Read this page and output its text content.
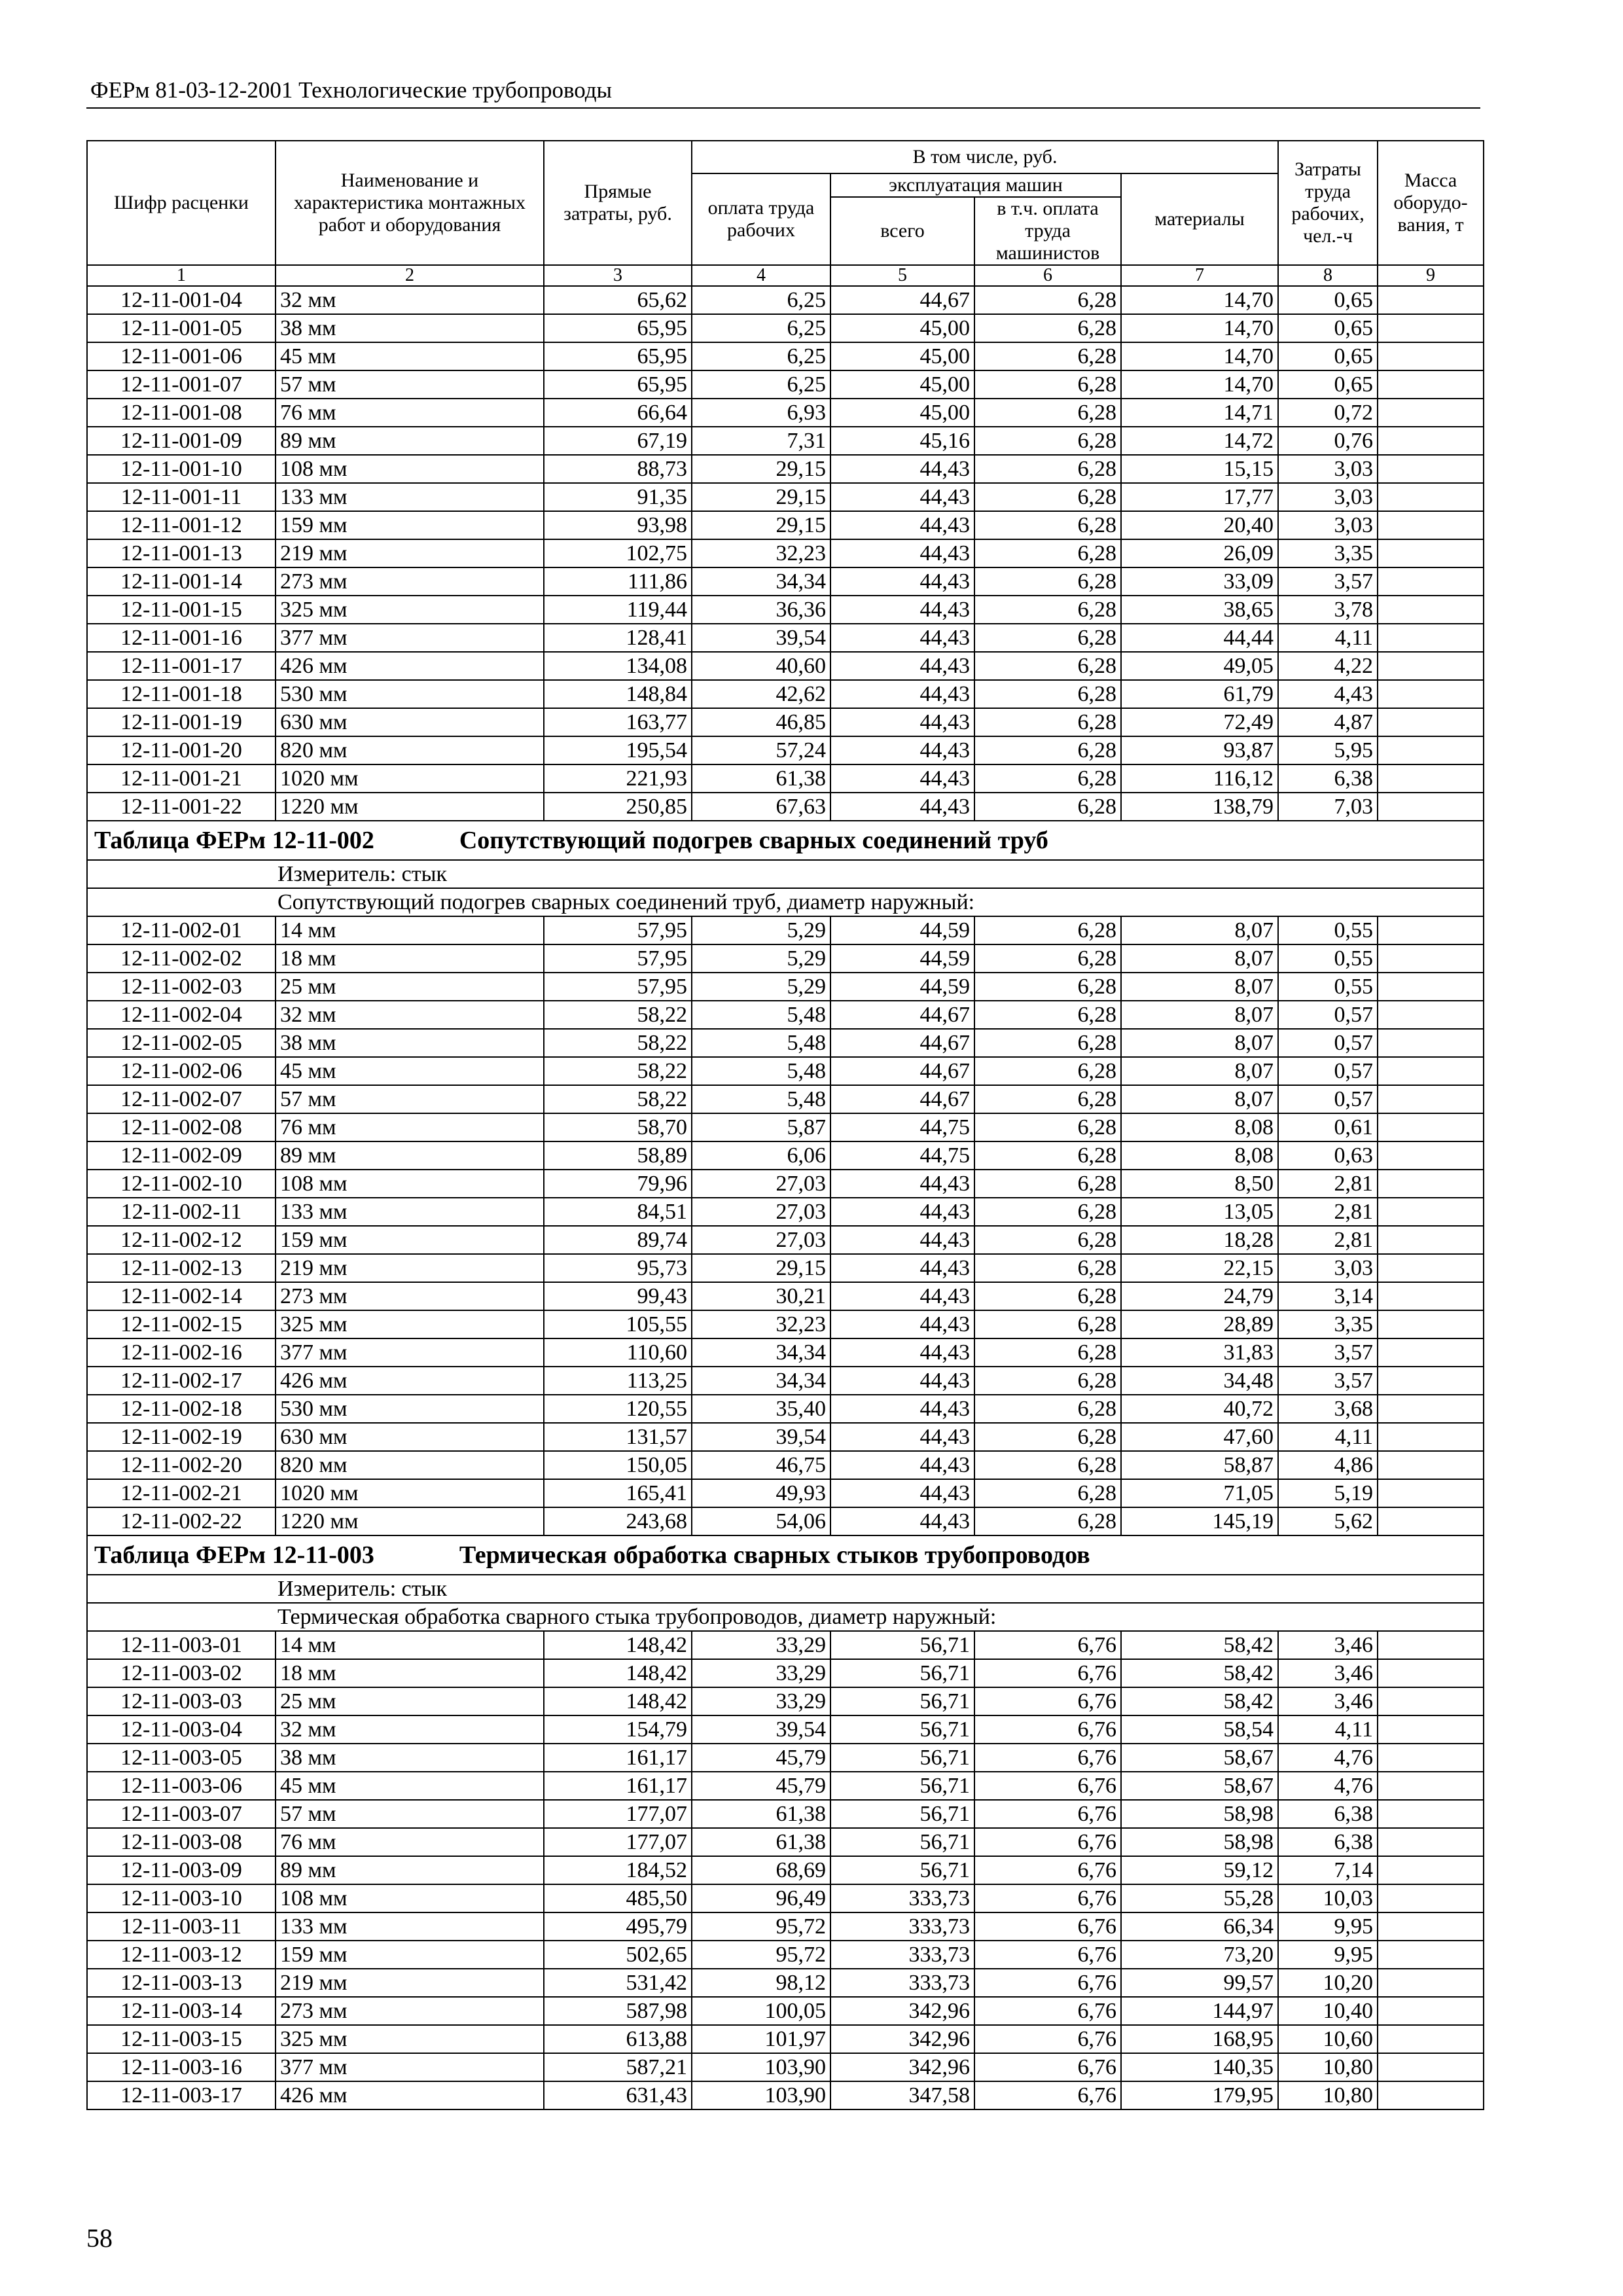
ФЕРм 81-03-12-2001 Технологические трубопроводы
Шифр расценки	Наименование и характеристика монтажных работ и оборудования	Прямые затраты, руб.	В том числе, руб.				Затраты труда рабочих, чел.-ч	Масса оборудо-вания, т
			оплата труда рабочих	эксплуатация машин		материалы		
				всего	в т.ч. оплата труда машинистов			
1	2	3	4	5	6	7	8	9
12-11-001-04	32 мм	65,62	6,25	44,67	6,28	14,70	0,65	
12-11-001-05	38 мм	65,95	6,25	45,00	6,28	14,70	0,65	
12-11-001-06	45 мм	65,95	6,25	45,00	6,28	14,70	0,65	
12-11-001-07	57 мм	65,95	6,25	45,00	6,28	14,70	0,65	
12-11-001-08	76 мм	66,64	6,93	45,00	6,28	14,71	0,72	
12-11-001-09	89 мм	67,19	7,31	45,16	6,28	14,72	0,76	
12-11-001-10	108 мм	88,73	29,15	44,43	6,28	15,15	3,03	
12-11-001-11	133 мм	91,35	29,15	44,43	6,28	17,77	3,03	
12-11-001-12	159 мм	93,98	29,15	44,43	6,28	20,40	3,03	
12-11-001-13	219 мм	102,75	32,23	44,43	6,28	26,09	3,35	
12-11-001-14	273 мм	111,86	34,34	44,43	6,28	33,09	3,57	
12-11-001-15	325 мм	119,44	36,36	44,43	6,28	38,65	3,78	
12-11-001-16	377 мм	128,41	39,54	44,43	6,28	44,44	4,11	
12-11-001-17	426 мм	134,08	40,60	44,43	6,28	49,05	4,22	
12-11-001-18	530 мм	148,84	42,62	44,43	6,28	61,79	4,43	
12-11-001-19	630 мм	163,77	46,85	44,43	6,28	72,49	4,87	
12-11-001-20	820 мм	195,54	57,24	44,43	6,28	93,87	5,95	
12-11-001-21	1020 мм	221,93	61,38	44,43	6,28	116,12	6,38	
12-11-001-22	1220 мм	250,85	67,63	44,43	6,28	138,79	7,03	
Таблица ФЕРм 12-11-002 Сопутствующий подогрев сварных соединений труб								
Измеритель: стык								
Сопутствующий подогрев сварных соединений труб, диаметр наружный:								
12-11-002-01	14 мм	57,95	5,29	44,59	6,28	8,07	0,55	
12-11-002-02	18 мм	57,95	5,29	44,59	6,28	8,07	0,55	
12-11-002-03	25 мм	57,95	5,29	44,59	6,28	8,07	0,55	
12-11-002-04	32 мм	58,22	5,48	44,67	6,28	8,07	0,57	
12-11-002-05	38 мм	58,22	5,48	44,67	6,28	8,07	0,57	
12-11-002-06	45 мм	58,22	5,48	44,67	6,28	8,07	0,57	
12-11-002-07	57 мм	58,22	5,48	44,67	6,28	8,07	0,57	
12-11-002-08	76 мм	58,70	5,87	44,75	6,28	8,08	0,61	
12-11-002-09	89 мм	58,89	6,06	44,75	6,28	8,08	0,63	
12-11-002-10	108 мм	79,96	27,03	44,43	6,28	8,50	2,81	
12-11-002-11	133 мм	84,51	27,03	44,43	6,28	13,05	2,81	
12-11-002-12	159 мм	89,74	27,03	44,43	6,28	18,28	2,81	
12-11-002-13	219 мм	95,73	29,15	44,43	6,28	22,15	3,03	
12-11-002-14	273 мм	99,43	30,21	44,43	6,28	24,79	3,14	
12-11-002-15	325 мм	105,55	32,23	44,43	6,28	28,89	3,35	
12-11-002-16	377 мм	110,60	34,34	44,43	6,28	31,83	3,57	
12-11-002-17	426 мм	113,25	34,34	44,43	6,28	34,48	3,57	
12-11-002-18	530 мм	120,55	35,40	44,43	6,28	40,72	3,68	
12-11-002-19	630 мм	131,57	39,54	44,43	6,28	47,60	4,11	
12-11-002-20	820 мм	150,05	46,75	44,43	6,28	58,87	4,86	
12-11-002-21	1020 мм	165,41	49,93	44,43	6,28	71,05	5,19	
12-11-002-22	1220 мм	243,68	54,06	44,43	6,28	145,19	5,62	
Таблица ФЕРм 12-11-003 Термическая обработка сварных стыков трубопроводов								
Измеритель: стык								
Термическая обработка сварного стыка трубопроводов, диаметр наружный:								
12-11-003-01	14 мм	148,42	33,29	56,71	6,76	58,42	3,46	
12-11-003-02	18 мм	148,42	33,29	56,71	6,76	58,42	3,46	
12-11-003-03	25 мм	148,42	33,29	56,71	6,76	58,42	3,46	
12-11-003-04	32 мм	154,79	39,54	56,71	6,76	58,54	4,11	
12-11-003-05	38 мм	161,17	45,79	56,71	6,76	58,67	4,76	
12-11-003-06	45 мм	161,17	45,79	56,71	6,76	58,67	4,76	
12-11-003-07	57 мм	177,07	61,38	56,71	6,76	58,98	6,38	
12-11-003-08	76 мм	177,07	61,38	56,71	6,76	58,98	6,38	
12-11-003-09	89 мм	184,52	68,69	56,71	6,76	59,12	7,14	
12-11-003-10	108 мм	485,50	96,49	333,73	6,76	55,28	10,03	
12-11-003-11	133 мм	495,79	95,72	333,73	6,76	66,34	9,95	
12-11-003-12	159 мм	502,65	95,72	333,73	6,76	73,20	9,95	
12-11-003-13	219 мм	531,42	98,12	333,73	6,76	99,57	10,20	
12-11-003-14	273 мм	587,98	100,05	342,96	6,76	144,97	10,40	
12-11-003-15	325 мм	613,88	101,97	342,96	6,76	168,95	10,60	
12-11-003-16	377 мм	587,21	103,90	342,96	6,76	140,35	10,80	
12-11-003-17	426 мм	631,43	103,90	347,58	6,76	179,95	10,80	
58
